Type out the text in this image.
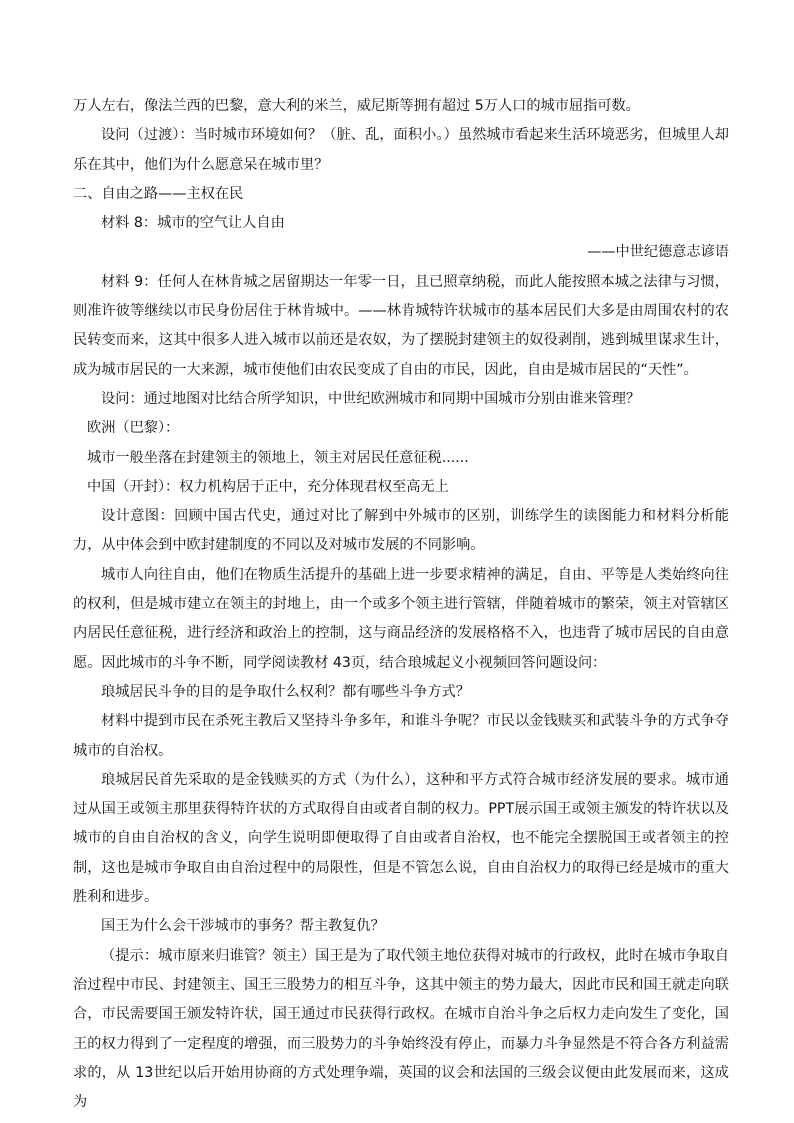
万人左右，像法兰西的巴黎，意大利的米兰，威尼斯等拥有超过 5万人口的城市屈指可数。

设问（过渡）：当时城市环境如何？（脏、乱，面积小。）虽然城市看起来生活环境恶劣，但城里人却乐在其中，他们为什么愿意呆在城市里？

二、自由之路——主权在民

材料 8：城市的空气让人自由

——中世纪德意志谚语

材料 9：任何人在林肯城之居留期达一年零一日，且已照章纳税，而此人能按照本城之法律与习惯，则准许彼等继续以市民身份居住于林肯城中。——林肯城特许状城市的基本居民们大多是由周围农村的农民转变而来，这其中很多人进入城市以前还是农奴，为了摆脱封建领主的奴役剥削，逃到城里谋求生计，成为城市居民的一大来源，城市使他们由农民变成了自由的市民，因此，自由是城市居民的“天性”。

设问：通过地图对比结合所学知识，中世纪欧洲城市和同期中国城市分别由谁来管理？

欧洲（巴黎）：

城市一般坐落在封建领主的领地上，领主对居民任意征税......

中国（开封）：权力机构居于正中，充分体现君权至高无上

设计意图：回顾中国古代史，通过对比了解到中外城市的区别，训练学生的读图能力和材料分析能力，从中体会到中欧封建制度的不同以及对城市发展的不同影响。

城市人向往自由，他们在物质生活提升的基础上进一步要求精神的满足，自由、平等是人类始终向往的权利，但是城市建立在领主的封地上，由一个或多个领主进行管辖，伴随着城市的繁荣，领主对管辖区内居民任意征税，进行经济和政治上的控制，这与商品经济的发展格格不入，也违背了城市居民的自由意愿。因此城市的斗争不断，同学阅读教材 43页，结合琅城起义小视频回答问题设问：

琅城居民斗争的目的是争取什么权利？都有哪些斗争方式？

材料中提到市民在杀死主教后又坚持斗争多年，和谁斗争呢？市民以金钱赎买和武装斗争的方式争夺城市的自治权。

琅城居民首先采取的是金钱赎买的方式（为什么），这种和平方式符合城市经济发展的要求。城市通过从国王或领主那里获得特许状的方式取得自由或者自制的权力。PPT展示国王或领主颁发的特许状以及城市的自由自治权的含义，向学生说明即便取得了自由或者自治权，也不能完全摆脱国王或者领主的控制，这也是城市争取自由自治过程中的局限性，但是不管怎么说，自由自治权力的取得已经是城市的重大胜利和进步。

国王为什么会干涉城市的事务？帮主教复仇？

（提示：城市原来归谁管？领主）国王是为了取代领主地位获得对城市的行政权，此时在城市争取自治过程中市民、封建领主、国王三股势力的相互斗争，这其中领主的势力最大，因此市民和国王就走向联合，市民需要国王颁发特许状，国王通过市民获得行政权。在城市自治斗争之后权力走向发生了变化，国王的权力得到了一定程度的增强，而三股势力的斗争始终没有停止，而暴力斗争显然是不符合各方利益需求的，从 13世纪以后开始用协商的方式处理争端，英国的议会和法国的三级会议便由此发展而来，这成为
